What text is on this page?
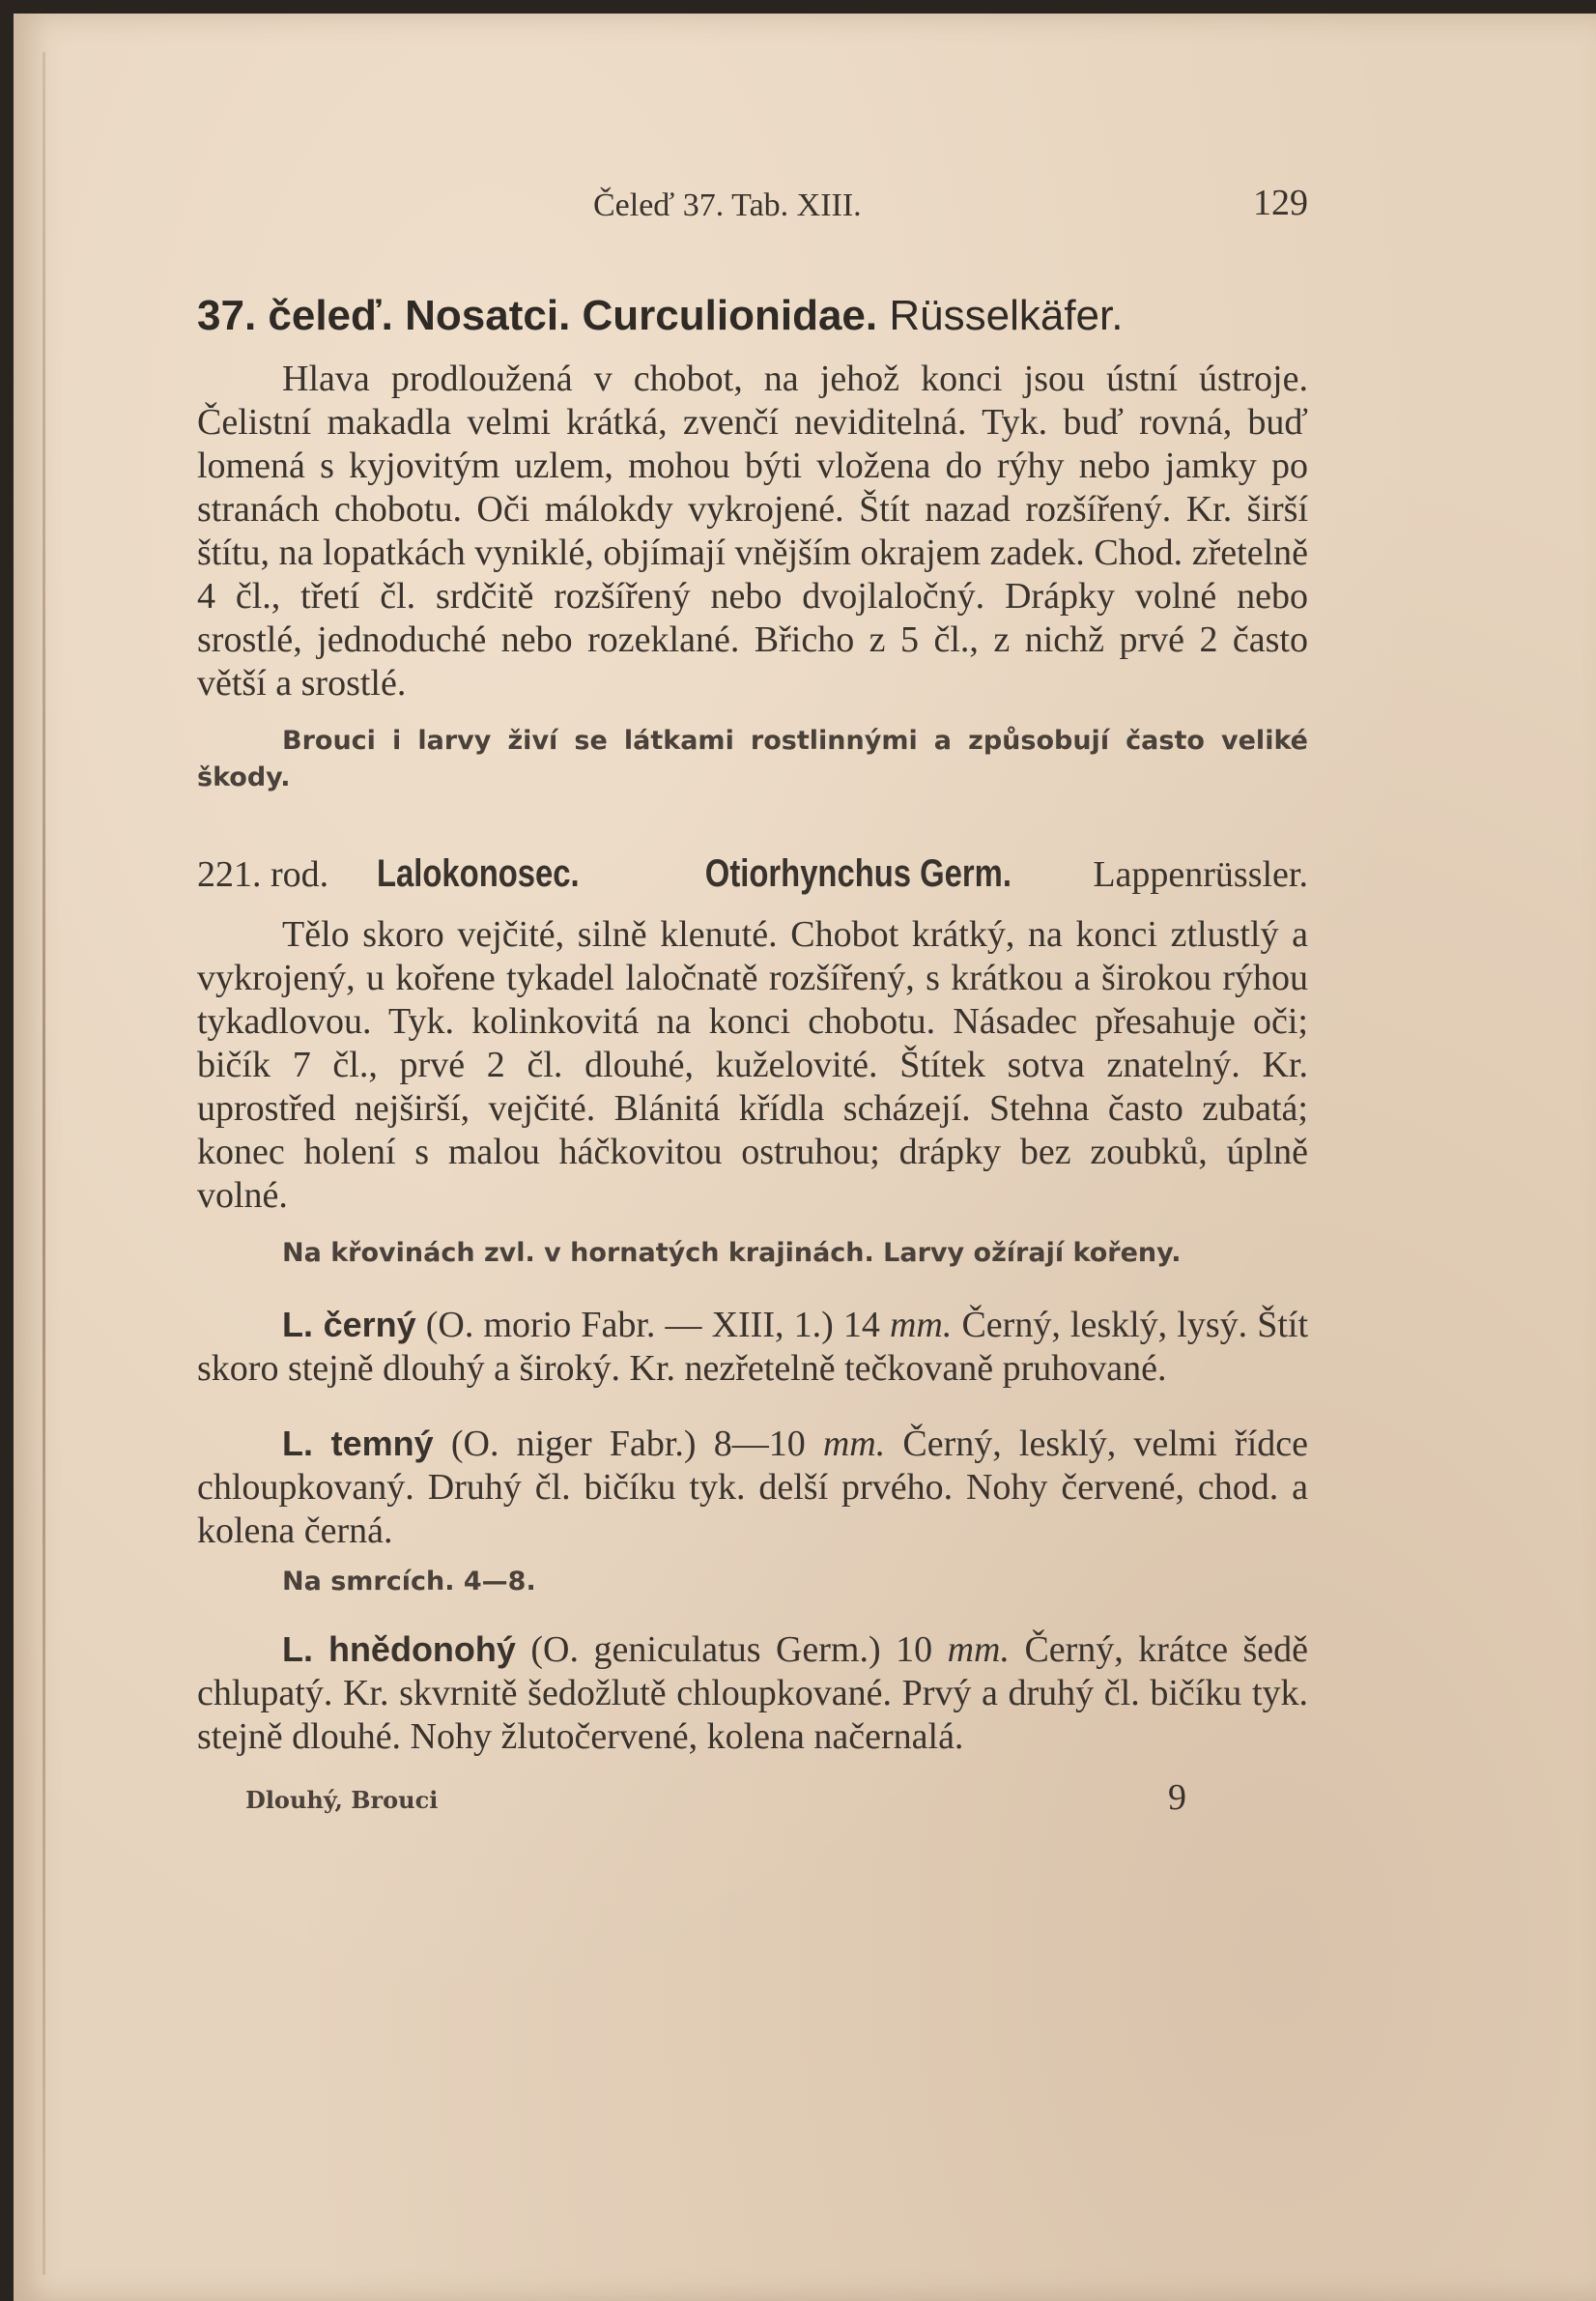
Čeleď 37. Tab. XIII.	129
37. čeleď. Nosatci. Curculionidae. Rüsselkäfer.

Hlava prodloužená v chobot, na jehož konci jsou ústní ústroje. Čelistní makadla velmi krátká, zvenčí neviditelná. Tyk. buď rovná, buď lomená s kyjovitým uzlem, mohou býti vložena do rýhy nebo jamky po stranách chobotu. Oči málokdy vykrojené. Štít nazad rozšířený. Kr. širší štítu, na lopatkách vyniklé, objímají vnějším okrajem zadek. Chod. zřetelně 4 čl., třetí čl. srdčitě rozšířený nebo dvojlaločný. Drápky volné nebo srostlé, jednoduché nebo rozeklané. Břicho z 5 čl., z nichž prvé 2 často větší a srostlé.

Brouci i larvy živí se látkami rostlinnými a způsobují často veliké škody.

221. rod. Lalokonosec.	Otiorhynchus Germ. Lappenrüssler.

Tělo skoro vejčité, silně klenuté. Chobot krátký, na konci ztlustlý a vykrojený, u kořene tykadel laločnatě rozšířený, s krátkou a širokou rýhou tykadlovou. Tyk. kolinkovitá na konci chobotu. Násadec přesahuje oči; bičík 7 čl., prvé 2 čl. dlouhé, kuželovité. Štítek sotva znatelný. Kr. uprostřed nejširší, vejčité. Blánitá křídla scházejí. Stehna často zubatá; konec holení s malou háčkovitou ostruhou; drápky bez zoubků, úplně volné.

Na křovinách zvl. v hornatých krajinách. Larvy ožírají kořeny.

L. černý (O. morio Fabr. — XIII, 1.) 14 mm. Černý, lesklý, lysý. Štít skoro stejně dlouhý a široký. Kr. nezřetelně tečkovaně pruhované.
L. temný (O. niger Fabr.) 8—10 mm. Černý, lesklý, velmi řídce chloupkovaný. Druhý čl. bičíku tyk. delší prvého. Nohy červené, chod. a kolena černá.
Na smrcích. 4—8.
L. hnědonohý (O. geniculatus Germ.) 10 mm. Černý, krátce šedě chlupatý. Kr. skvrnitě šedožlutě chloupkované. Prvý a druhý čl. bičíku tyk. stejně dlouhé. Nohy žlutočervené, kolena načernalá.
Dlouhý, Brouci	9
